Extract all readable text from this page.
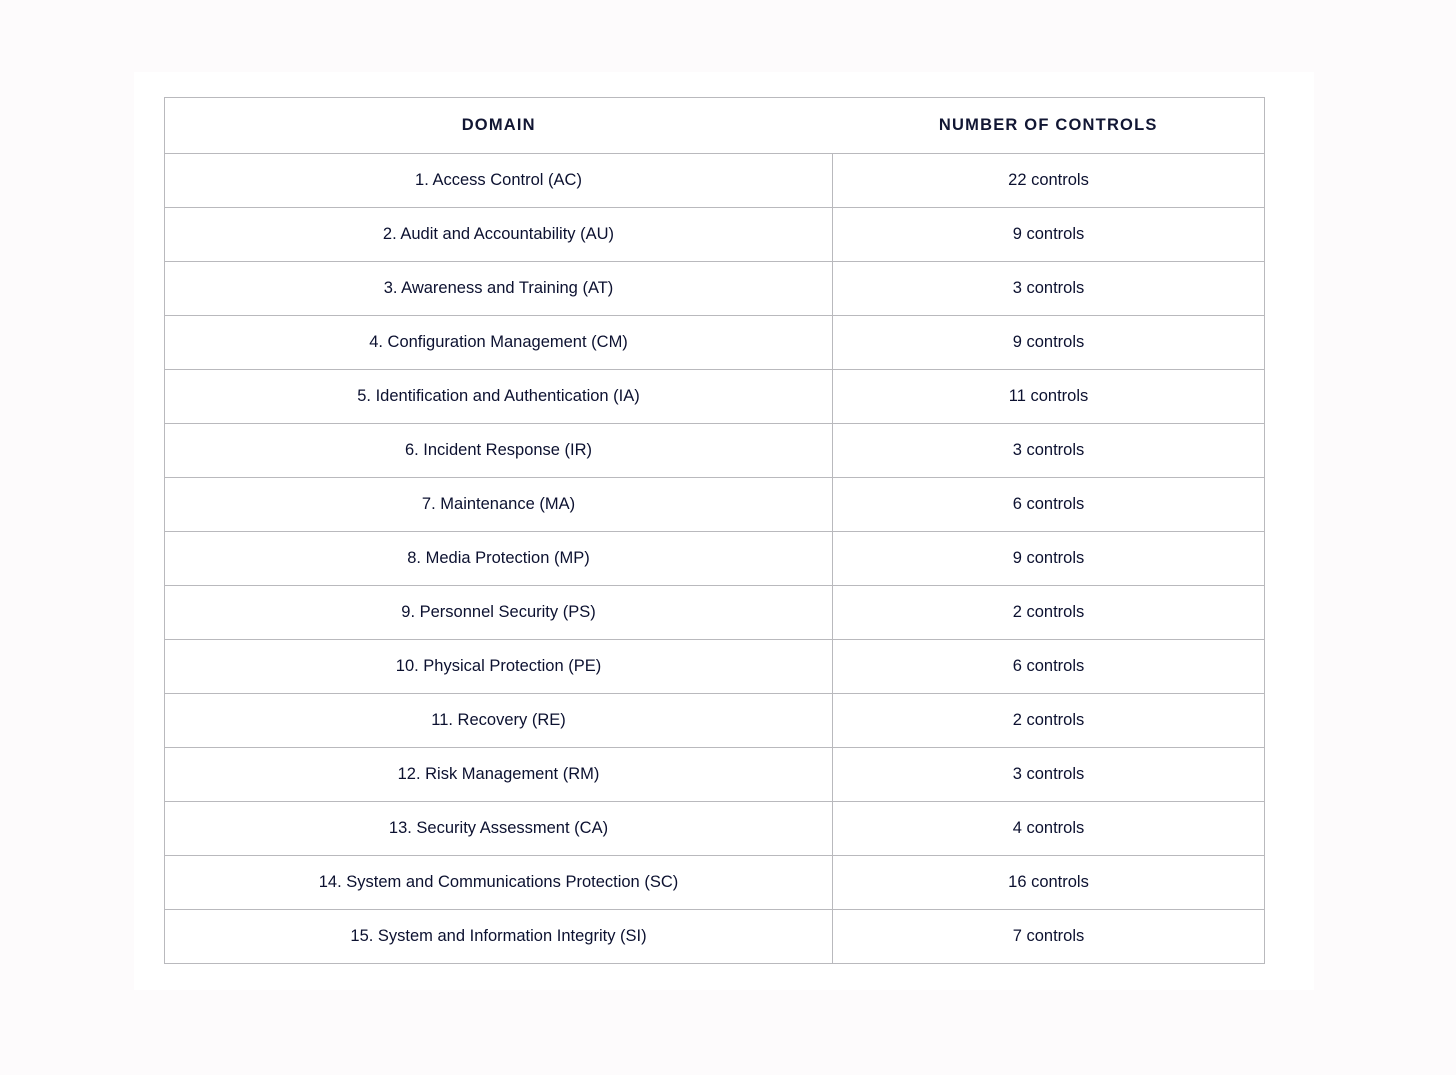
DOMAIN	NUMBER OF CONTROLS
1. Access Control (AC)	22 controls
2. Audit and Accountability (AU)	9 controls
3. Awareness and Training (AT)	3 controls
4. Configuration Management (CM)	9 controls
5. Identification and Authentication (IA)	11 controls
6. Incident Response (IR)	3 controls
7. Maintenance (MA)	6 controls
8. Media Protection (MP)	9 controls
9. Personnel Security (PS)	2 controls
10. Physical Protection (PE)	6 controls
11. Recovery (RE)	2 controls
12. Risk Management (RM)	3 controls
13. Security Assessment (CA)	4 controls
14. System and Communications Protection (SC)	16 controls
15. System and Information Integrity (SI)	7 controls
